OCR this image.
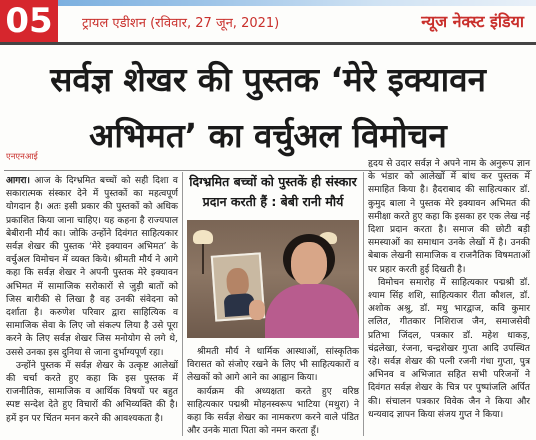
05	ट्रायल एडीशन (रविवार, 27 जून, 2021)	न्यूज नेक्स्ट इंडिया
सर्वज्ञ शेखर की पुस्तक ‘मेरे इक्यावन
अभिमत’ का वर्चुअल विमोचन
एनएनआई

आगरा। आज के दिग्भ्रमित बच्चों को सही दिशा व सकारात्मक संस्कार देने में पुस्तकों का महत्वपूर्ण योगदान है। अतः इसी प्रकार की पुस्तकों को अधिक प्रकाशित किया जाना चाहिए। यह कहना है राज्यपाल बेबीरानी मौर्य का। जोकि उन्होंने दिवंगत साहित्यकार सर्वज्ञ शेखर की पुस्तक ‘मेरे इक्यावन अभिमत’ के वर्चुअल विमोचन में व्यक्त किये। श्रीमती मौर्य ने आगे कहा कि सर्वज्ञ शेखर ने अपनी पुस्तक मेरे इक्यावन अभिमत में सामाजिक सरोकारों से जुड़ी बातों को जिस बारीकी से लिखा है वह उनकी संवेदना को दर्शाता है। करुणेश परिवार द्वारा साहित्यिक व सामाजिक सेवा के लिए जो संकल्प लिया है उसे पूरा करने के लिए सर्वज्ञ शेखर जिस मनोयोग से लगे थे, उससे उनका इस दुनिया से जाना दुर्भाग्यपूर्ण रहा।

उन्होंने पुस्तक में सर्वज्ञ शेखर के उत्कृष्ट आलेखों की चर्चा करते हुए कहा कि इस पुस्तक में राजनीतिक, सामाजिक व आर्थिक विषयों पर बहुत स्पष्ट सन्देश देते हुए विचारों की अभिव्यक्ति की है। हमें इन पर चिंतन मनन करने की आवश्यकता है।

दिग्भ्रमित बच्चों को पुस्तकें ही संस्कार प्रदान करती हैं : बेबी रानी मौर्य

श्रीमती मौर्य ने धार्मिक आस्थाओं, सांस्कृतिक विरासत को संजोए रखने के लिए भी साहित्यकारों व लेखकों को आगे आने का आह्वान किया।

कार्यक्रम की अध्यक्षता करते हुए वरिष्ठ साहित्यकार पद्मश्री मोहनस्वरूप भाटिया (मथुरा) ने कहा कि सर्वज्ञ शेखर का नामकरण करने वाले पंडित और उनके माता पिता को नमन करता हूँ।

हृदय से उदार सर्वज्ञ ने अपने नाम के अनुरूप ज्ञान के भंडार को आलेखों में बांध कर पुस्तक में समाहित किया है। हैदराबाद की साहित्यकार डॉ. कुमुद बाला ने पुस्तक मेरे इक्यावन अभिमत की समीक्षा करते हुए कहा कि इसका हर एक लेख नई दिशा प्रदान करता है। समाज की छोटी बड़ी समस्याओं का समाधान उनके लेखों में है। उनकी बेबाक लेखनी सामाजिक व राजनैतिक विषमताओं पर प्रहार करती हुई दिखती है।

विमोचन समारोह में साहित्यकार पद्मश्री डॉ. श्याम सिंह शशि, साहित्यकार रीता कौशल, डॉ. अशोक अश्रु, डॉ. मधु भारद्वाज, कवि कुमार ललित, गीतकार निशिराज जैन, समाजसेवी प्रतिभा जिंदल, पत्रकार डॉ. महेश धाकड़, चंद्रलेखा, रंजना, चन्द्रशेखर गुप्ता आदि उपस्थित रहे। सर्वज्ञ शेखर की पत्नी रजनी गंधा गुप्ता, पुत्र अभिनव व अभिजात सहित सभी परिजनों ने दिवंगत सर्वज्ञ शेखर के चित्र पर पुष्पांजलि अर्पित की। संचालन पत्रकार विवेक जैन ने किया और धन्यवाद ज्ञापन किया संजय गुप्त ने किया।
